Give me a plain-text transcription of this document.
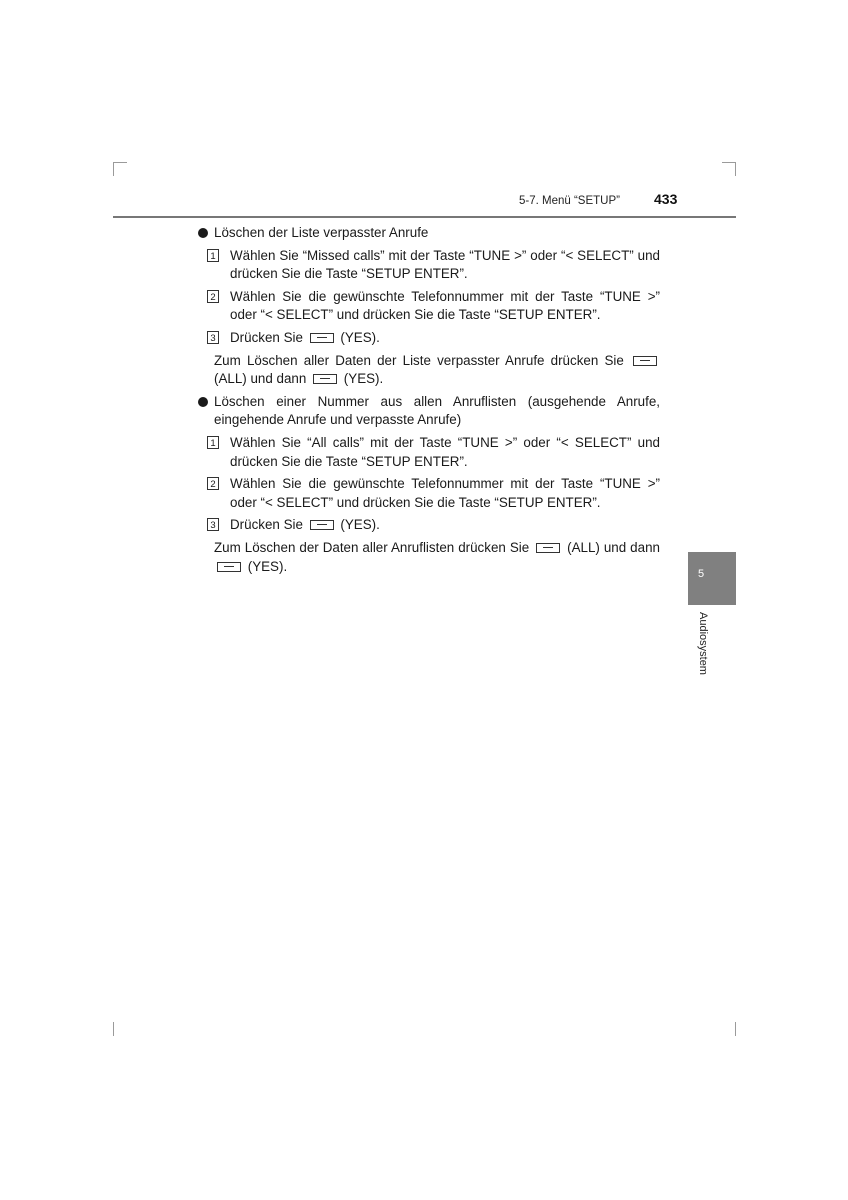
5-7. Menü “SETUP” 433
Löschen der Liste verpasster Anrufe
1 Wählen Sie “Missed calls” mit der Taste “TUNE >” oder “< SELECT” und drücken Sie die Taste “SETUP ENTER”.
2 Wählen Sie die gewünschte Telefonnummer mit der Taste “TUNE >” oder “< SELECT” und drücken Sie die Taste “SETUP ENTER”.
3 Drücken Sie	(YES).
Zum Löschen aller Daten der Liste verpasster Anrufe drücken Sie  (ALL) und dann	(YES).
Löschen einer Nummer aus allen Anruflisten (ausgehende Anrufe, eingehende Anrufe und verpasste Anrufe)
1 Wählen Sie “All calls” mit der Taste “TUNE >” oder “< SELECT” und drücken Sie die Taste “SETUP ENTER”.
2 Wählen Sie die gewünschte Telefonnummer mit der Taste “TUNE >” oder “< SELECT” und drücken Sie die Taste “SETUP ENTER”.
3 Drücken Sie	(YES).
Zum Löschen der Daten aller Anruflisten drücken Sie	(ALL) und dann  (YES).
5
Audiosystem
